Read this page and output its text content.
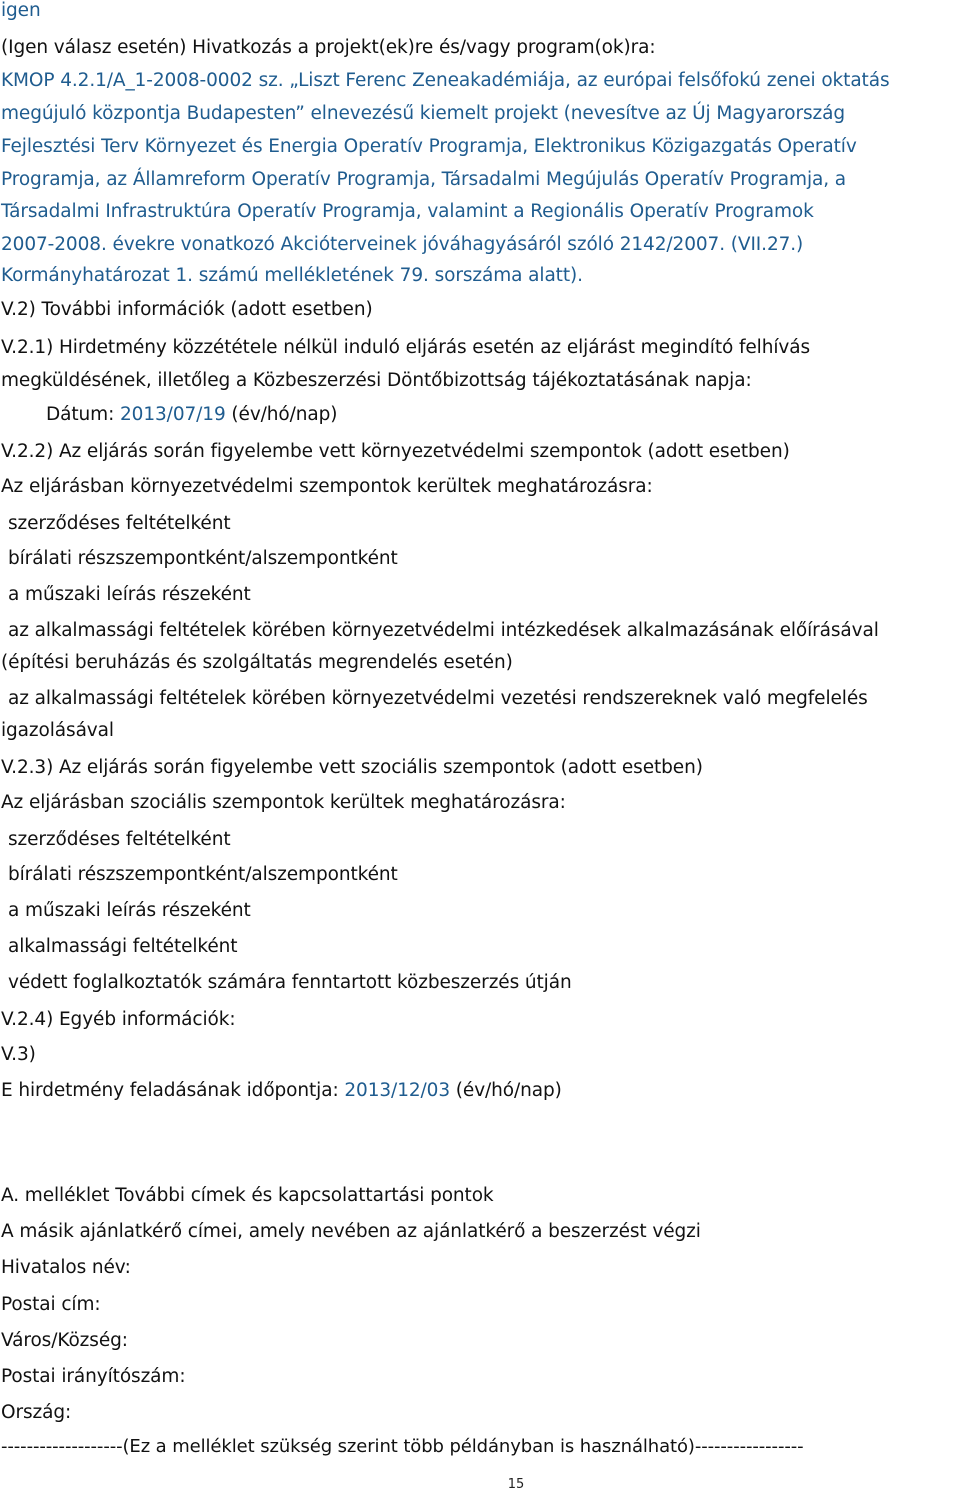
igen

(Igen válasz esetén) Hivatkozás a projekt(ek)re és/vagy program(ok)ra:

KMOP 4.2.1/A_1-2008-0002 sz. „Liszt Ferenc Zeneakadémiája, az európai felsőfokú zenei oktatás

megújuló központja Budapesten” elnevezésű kiemelt projekt (nevesítve az Új Magyarország

Fejlesztési Terv Környezet és Energia Operatív Programja, Elektronikus Közigazgatás Operatív

Programja, az Államreform Operatív Programja, Társadalmi Megújulás Operatív Programja, a

Társadalmi Infrastruktúra Operatív Programja, valamint a Regionális Operatív Programok

2007-2008. évekre vonatkozó Akcióterveinek jóváhagyásáról szóló 2142/2007. (VII.27.)

Kormányhatározat 1. számú mellékletének 79. sorszáma alatt).

V.2) További információk (adott esetben)

V.2.1) Hirdetmény közzététele nélkül induló eljárás esetén az eljárást megindító felhívás

megküldésének, illetőleg a Közbeszerzési Döntőbizottság tájékoztatásának napja:

Dátum: 2013/07/19 (év/hó/nap)

V.2.2) Az eljárás során figyelembe vett környezetvédelmi szempontok (adott esetben)

Az eljárásban környezetvédelmi szempontok kerültek meghatározásra:

szerződéses feltételként

bírálati részszempontként/alszempontként

a műszaki leírás részeként

az alkalmassági feltételek körében környezetvédelmi intézkedések alkalmazásának előírásával

(építési beruházás és szolgáltatás megrendelés esetén)

az alkalmassági feltételek körében környezetvédelmi vezetési rendszereknek való megfelelés

igazolásával

V.2.3) Az eljárás során figyelembe vett szociális szempontok (adott esetben)

Az eljárásban szociális szempontok kerültek meghatározásra:

szerződéses feltételként

bírálati részszempontként/alszempontként

a műszaki leírás részeként

alkalmassági feltételként

védett foglalkoztatók számára fenntartott közbeszerzés útján

V.2.4) Egyéb információk:

V.3)

E hirdetmény feladásának időpontja: 2013/12/03 (év/hó/nap)

A. melléklet További címek és kapcsolattartási pontok

A másik ajánlatkérő címei, amely nevében az ajánlatkérő a beszerzést végzi

Hivatalos név:

Postai cím:

Város/Község:

Postai irányítószám:

Ország:

-------------------(Ez a melléklet szükség szerint több példányban is használható)-----------------

15
